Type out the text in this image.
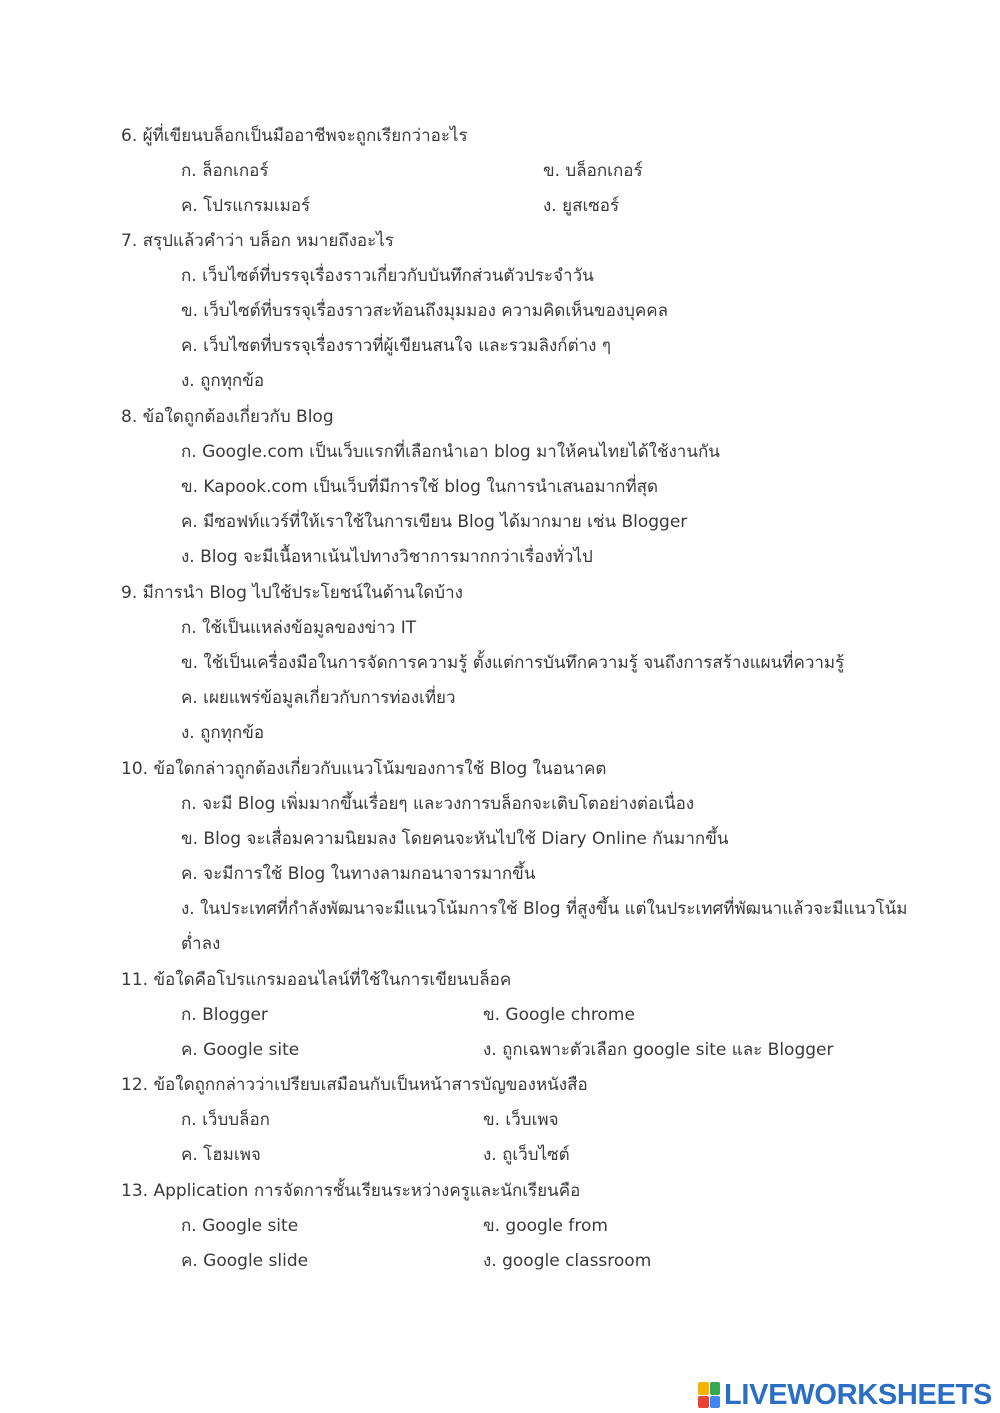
6. ผู้ที่เขียนบล็อกเป็นมืออาชีพจะถูกเรียกว่าอะไร
ก. ล็อกเกอร์	ข. บล็อกเกอร์
ค. โปรแกรมเมอร์	ง. ยูสเซอร์
7. สรุปแล้วคำว่า บล็อก หมายถึงอะไร
ก. เว็บไซต์ที่บรรจุเรื่องราวเกี่ยวกับบันทึกส่วนตัวประจำวัน
ข. เว็บไซต์ที่บรรจุเรื่องราวสะท้อนถึงมุมมอง ความคิดเห็นของบุคคล
ค. เว็บไซตที่บรรจุเรื่องราวที่ผู้เขียนสนใจ และรวมลิงก์ต่าง ๆ
ง. ถูกทุกข้อ
8. ข้อใดถูกต้องเกี่ยวกับ Blog
ก. Google.com เป็นเว็บแรกที่เลือกนำเอา blog มาให้คนไทยได้ใช้งานกัน
ข. Kapook.com เป็นเว็บที่มีการใช้ blog ในการนำเสนอมากที่สุด
ค. มีซอฟท์แวร์ที่ให้เราใช้ในการเขียน Blog ได้มากมาย เช่น Blogger
ง. Blog จะมีเนื้อหาเน้นไปทางวิชาการมากกว่าเรื่องทั่วไป
9. มีการนำ Blog ไปใช้ประโยชน์ในด้านใดบ้าง
ก. ใช้เป็นแหล่งข้อมูลของข่าว IT
ข. ใช้เป็นเครื่องมือในการจัดการความรู้ ตั้งแต่การบันทึกความรู้ จนถึงการสร้างแผนที่ความรู้
ค. เผยแพร่ข้อมูลเกี่ยวกับการท่องเที่ยว
ง. ถูกทุกข้อ
10. ข้อใดกล่าวถูกต้องเกี่ยวกับแนวโน้มของการใช้ Blog ในอนาคต
ก. จะมี Blog เพิ่มมากขึ้นเรื่อยๆ และวงการบล็อกจะเติบโตอย่างต่อเนื่อง
ข. Blog จะเสื่อมความนิยมลง โดยคนจะหันไปใช้ Diary Online กันมากขึ้น
ค. จะมีการใช้ Blog ในทางลามกอนาจารมากขึ้น
ง. ในประเทศที่กำลังพัฒนาจะมีแนวโน้มการใช้ Blog ที่สูงขึ้น แต่ในประเทศที่พัฒนาแล้วจะมีแนวโน้ม
ต่ำลง
11. ข้อใดคือโปรแกรมออนไลน์ที่ใช้ในการเขียนบล็อค
ก. Blogger	ข. Google chrome
ค. Google site	ง. ถูกเฉพาะตัวเลือก google site และ Blogger
12. ข้อใดถูกกล่าวว่าเปรียบเสมือนกับเป็นหน้าสารบัญของหนังสือ
ก. เว็บบล็อก	ข. เว็บเพจ
ค. โฮมเพจ	ง. ถูเว็บไซต์
13. Application การจัดการชั้นเรียนระหว่างครูและนักเรียนคือ
ก. Google site	ข. google from
ค. Google slide	ง. google classroom
LIVEWORKSHEETS
